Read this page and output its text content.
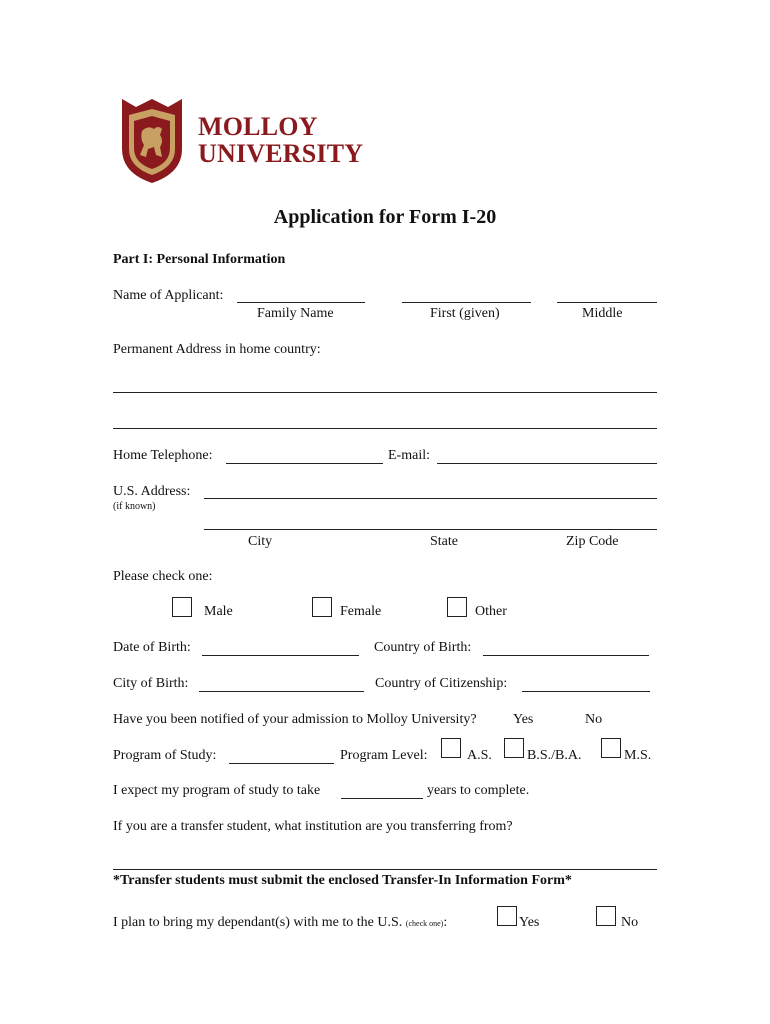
MOLLOY
UNIVERSITY
Application for Form I-20
Part I: Personal Information
Name of Applicant:
Family Name	First (given)	Middle
Permanent Address in home country:
Home Telephone:	E-mail:
U.S. Address:
(if known)
City	State	Zip Code
Please check one:
Male	Female	Other
Date of Birth:	Country of Birth:
City of Birth:	Country of Citizenship:
Have you been notified of your admission to Molloy University?	Yes	No
Program of Study:	Program Level:	A.S.	B.S./B.A.	M.S.
I expect my program of study to take	years to complete.
If you are a transfer student, what institution are you transferring from?
*Transfer students must submit the enclosed Transfer-In Information Form*
I plan to bring my dependant(s) with me to the U.S. (check one):	Yes	No
